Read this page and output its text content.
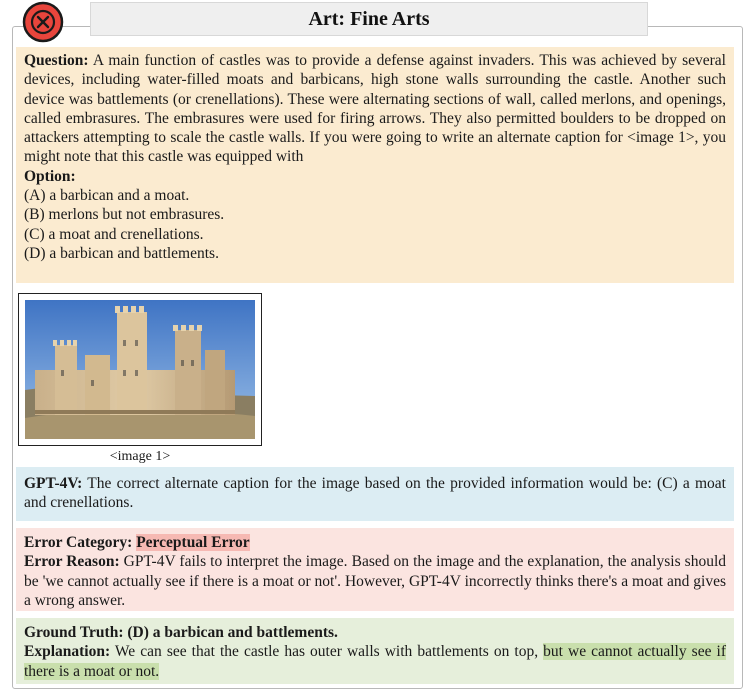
Art: Fine Arts
Question: A main function of castles was to provide a defense against invaders. This was achieved by several devices, including water-filled moats and barbicans, high stone walls surrounding the castle. Another such device was battlements (or crenellations). These were alternating sections of wall, called merlons, and openings, called embrasures. The embrasures were used for firing arrows. They also permitted boulders to be dropped on attackers attempting to scale the castle walls. If you were going to write an alternate caption for <image 1>, you might note that this castle was equipped with
Option:
(A) a barbican and a moat.
(B) merlons but not embrasures.
(C) a moat and crenellations.
(D) a barbican and battlements.
<image 1>
GPT-4V: The correct alternate caption for the image based on the provided information would be: (C) a moat and crenellations.
Error Category: Perceptual Error
Error Reason: GPT-4V fails to interpret the image. Based on the image and the explanation, the analysis should be 'we cannot actually see if there is a moat or not'. However, GPT-4V incorrectly thinks there's a moat and gives a wrong answer.
Ground Truth: (D) a barbican and battlements.
Explanation: We can see that the castle has outer walls with battlements on top, but we cannot actually see if there is a moat or not.
